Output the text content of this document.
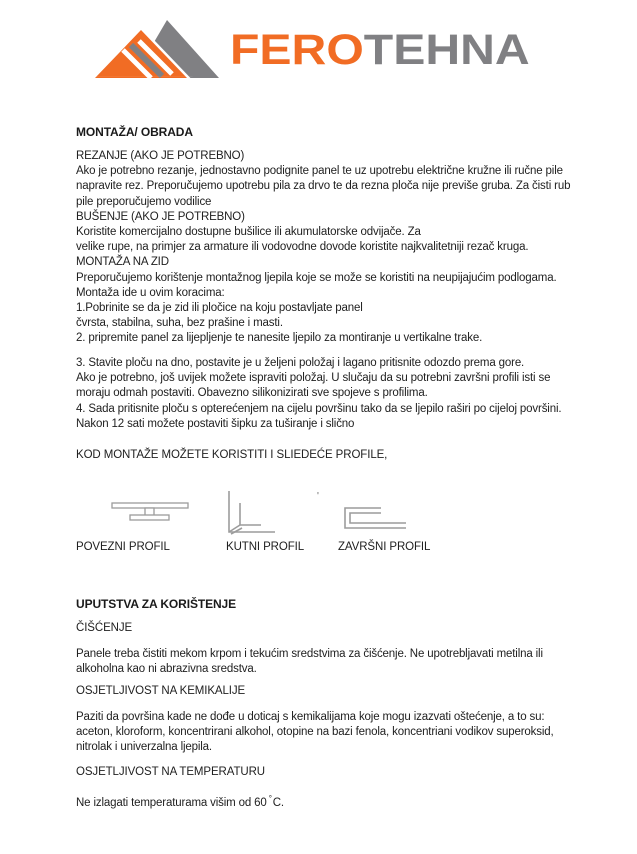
FEROTEHNA
MONTAŽA/ OBRADA
REZANJE (AKO JE POTREBNO)
Ako je potrebno rezanje, jednostavno podignite panel te uz upotrebu električne kružne ili ručne pile
napravite rez. Preporučujemo upotrebu pila za drvo te da rezna ploča nije previše gruba. Za čisti rub
pile preporučujemo vodilice
BUŠENJE (AKO JE POTREBNO)
Koristite komercijalno dostupne bušilice ili akumulatorske odvijače. Za
velike rupe, na primjer za armature ili vodovodne dovode koristite najkvalitetniji rezač kruga.
MONTAŽA NA ZID
Preporučujemo korištenje montažnog ljepila koje se može se koristiti na neupijajućim podlogama.
Montaža ide u ovim koracima:
1.Pobrinite se da je zid ili pločice na koju postavljate panel
čvrsta, stabilna, suha, bez prašine i masti.
2. pripremite panel za lijepljenje te nanesite ljepilo za montiranje u vertikalne trake.
3. Stavite ploču na dno, postavite je u željeni položaj i lagano pritisnite odozdo prema gore.
Ako je potrebno, još uvijek možete ispraviti položaj. U slučaju da su potrebni završni profili isti se
moraju odmah postaviti. Obavezno silikonizirati sve spojeve s profilima.
4. Sada pritisnite ploču s opterećenjem na cijelu površinu tako da se ljepilo raširi po cijeloj površini.
Nakon 12 sati možete postaviti šipku za tuširanje i slično
KOD MONTAŽE MOŽETE KORISTITI I SLIEDEĆE PROFILE,
'
POVEZNI PROFIL	KUTNI PROFIL	ZAVRŠNI PROFIL
UPUTSTVA ZA KORIŠTENJE
ČIŠĆENJE
Panele treba čistiti mekom krpom i tekućim sredstvima za čišćenje. Ne upotrebljavati metilna ili
alkoholna kao ni abrazivna sredstva.
OSJETLJIVOST NA KEMIKALIJE
Paziti da površina kade ne dođe u doticaj s kemikalijama koje mogu izazvati oštećenje, a to su:
aceton, kloroform, koncentrirani alkohol, otopine na bazi fenola, koncentriani vodikov superoksid,
nitrolak i univerzalna ljepila.
OSJETLJIVOST NA TEMPERATURU
Ne izlagati temperaturama višim od 60 °C.
